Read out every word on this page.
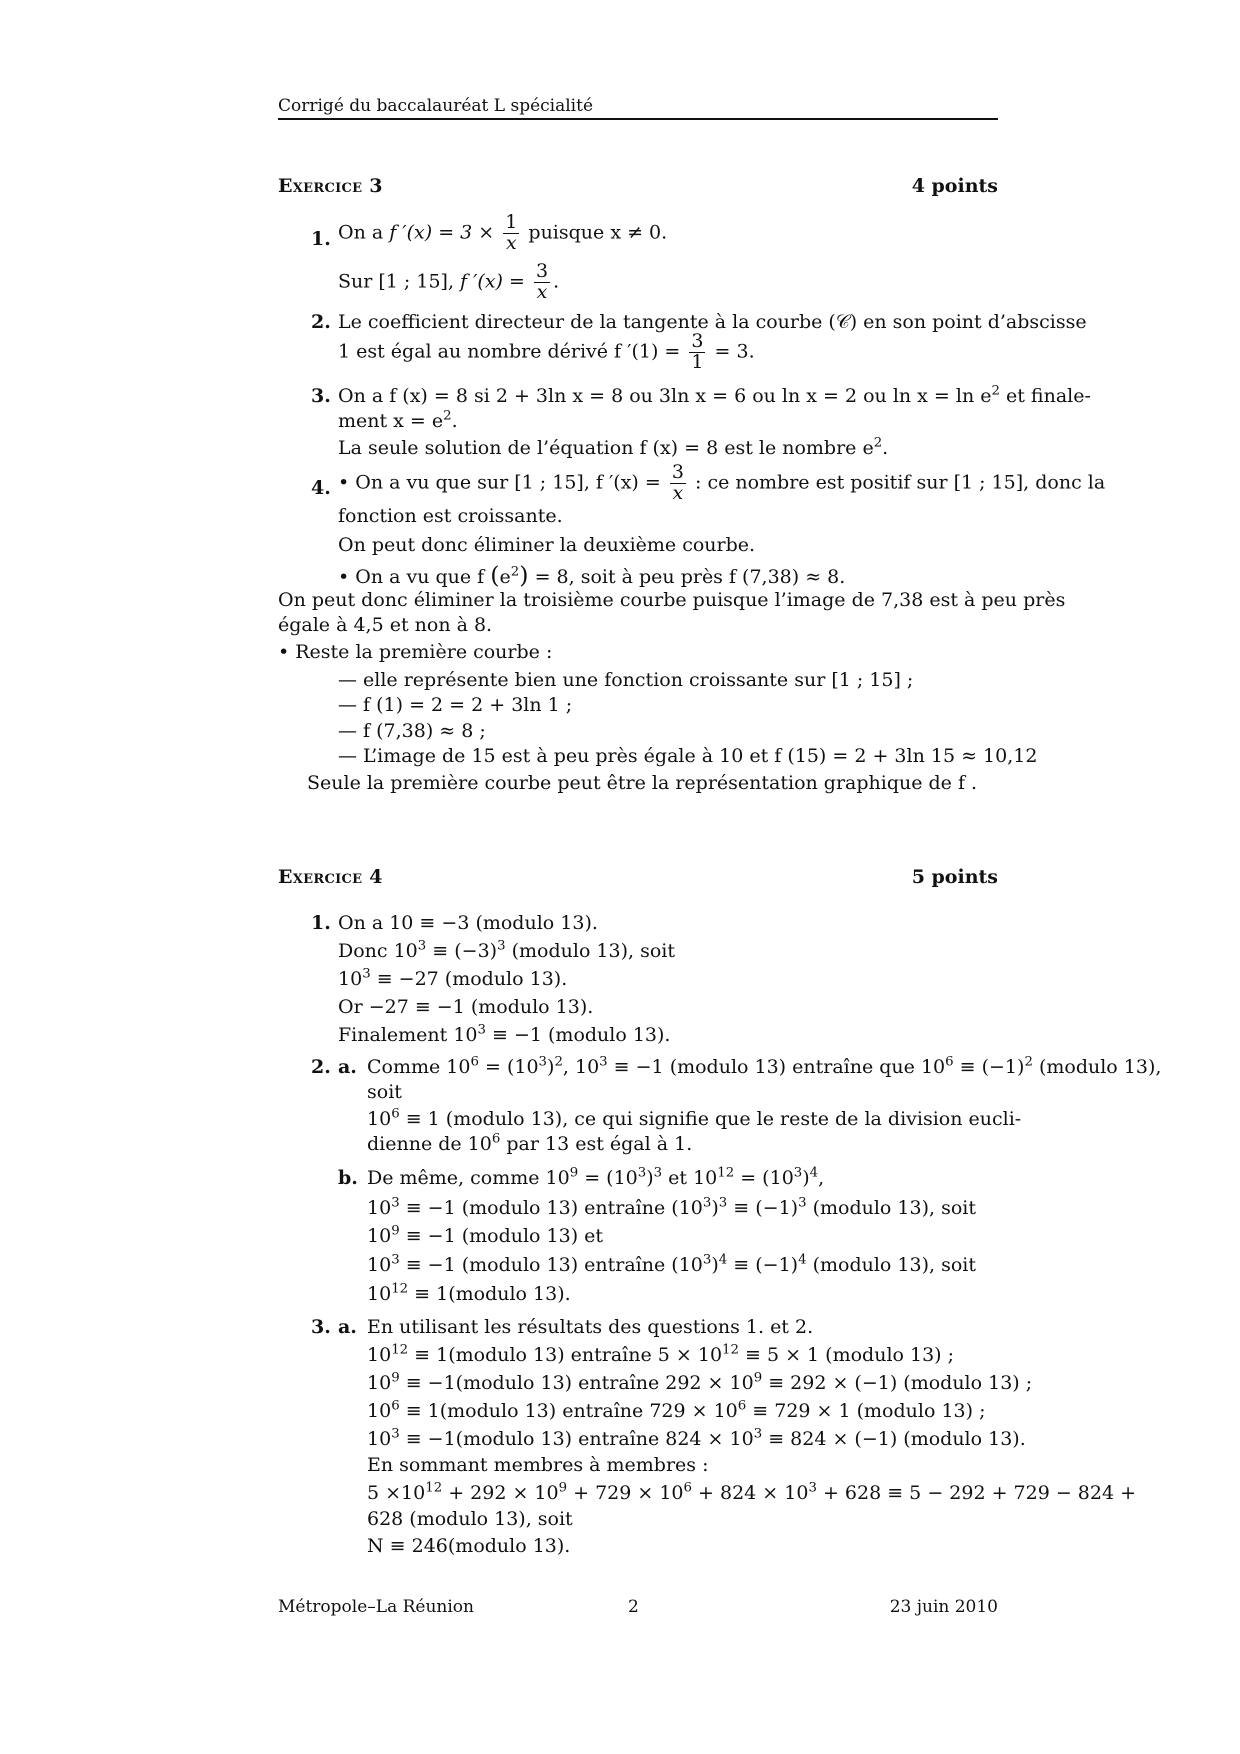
Corrigé du baccalauréat L spécialité
Exercice 3	4 points
1. On a f $'(x) = 3 \times \frac{1}{x}$ puisque x ≠ 0.
Sur [1 ; 15], f $'(x) = \frac{3}{x}$ .
2. Le coefficient directeur de la tangente à la courbe (𝒞) en son point d’abscisse
1 est égal au nombre dérivé f $'(1) = \frac{3}{1} = 3$.
3. On a f (x) = 8 si 2 + 3ln x = 8 ou 3ln x = 6 ou ln x = 2 ou $\ln x = \ln e^2$ et finale-
ment $x = e^2$.
La seule solution de l’équation f (x) = 8 est le nombre $e^2$.
4. • On a vu que sur [1 ; 15], f $'(x) = \frac{3}{x}$ : ce nombre est positif sur [1 ; 15], donc la
fonction est croissante.
On peut donc éliminer la deuxième courbe.
• On a vu que f $(e^2) = 8$, soit à peu près f (7,38) ≈ 8.
On peut donc éliminer la troisième courbe puisque l’image de 7,38 est à peu près
égale à 4,5 et non à 8.
• Reste la première courbe :
— elle représente bien une fonction croissante sur [1 ; 15] ;
— f (1) = 2 = 2 + 3ln 1 ;
— f (7,38) ≈ 8 ;
— L’image de 15 est à peu près égale à 10 et f (15) = 2 + 3ln 15 ≈ 10,12
Seule la première courbe peut être la représentation graphique de f .
Exercice 4	5 points
1. On a 10 ≡ −3 (modulo 13).
Donc $10^3 \equiv (-3)^3$ (modulo 13), soit
$10^3 \equiv -27$ (modulo 13).
Or −27 ≡ −1 (modulo 13).
Finalement $10^3 \equiv -1$ (modulo 13).
2. a. Comme $10^6 = (10^3)^2$, $10^3 \equiv -1$ (modulo 13) entraîne que $10^6 \equiv (-1)^2$ (modulo 13),
soit
$10^6 \equiv 1$ (modulo 13), ce qui signifie que le reste de la division eucli-
dienne de $10^6$ par 13 est égal à 1.
b. De même, comme $10^9 = (10^3)^3$ et $10^{12} = (10^3)^4$,
$10^3 \equiv -1$ (modulo 13) entraîne $(10^3)^3 \equiv (-1)^3$ (modulo 13), soit
$10^9 \equiv -1$ (modulo 13) et
$10^3 \equiv -1$ (modulo 13) entraîne $(10^3)^4 \equiv (-1)^4$ (modulo 13), soit
$10^{12}$ ≡ 1(modulo 13).
3. a. En utilisant les résultats des questions 1. et 2.
$10^{12}$ ≡ 1(modulo 13) entraîne $5 \times 10^{12} \equiv 5 \times 1$ (modulo 13) ;
$10^9$ ≡ −1(modulo 13) entraîne $292 \times 10^9 \equiv 292 \times (-1)$ (modulo 13) ;
$10^6$ ≡ 1(modulo 13) entraîne $729 \times 10^6 \equiv 729 \times 1$ (modulo 13) ;
$10^3$ ≡ −1(modulo 13) entraîne $824 \times 10^3 \equiv 824 \times (-1)$ (modulo 13).
En sommant membres à membres :
$5 \times 10^{12} + 292 \times 10^9 + 729 \times 10^6 + 824 \times 10^3 + 628 \equiv 5 - 292 + 729 - 824$ +
628 (modulo 13), soit
N ≡ 246(modulo 13).
Métropole–La Réunion	2	23 juin 2010
